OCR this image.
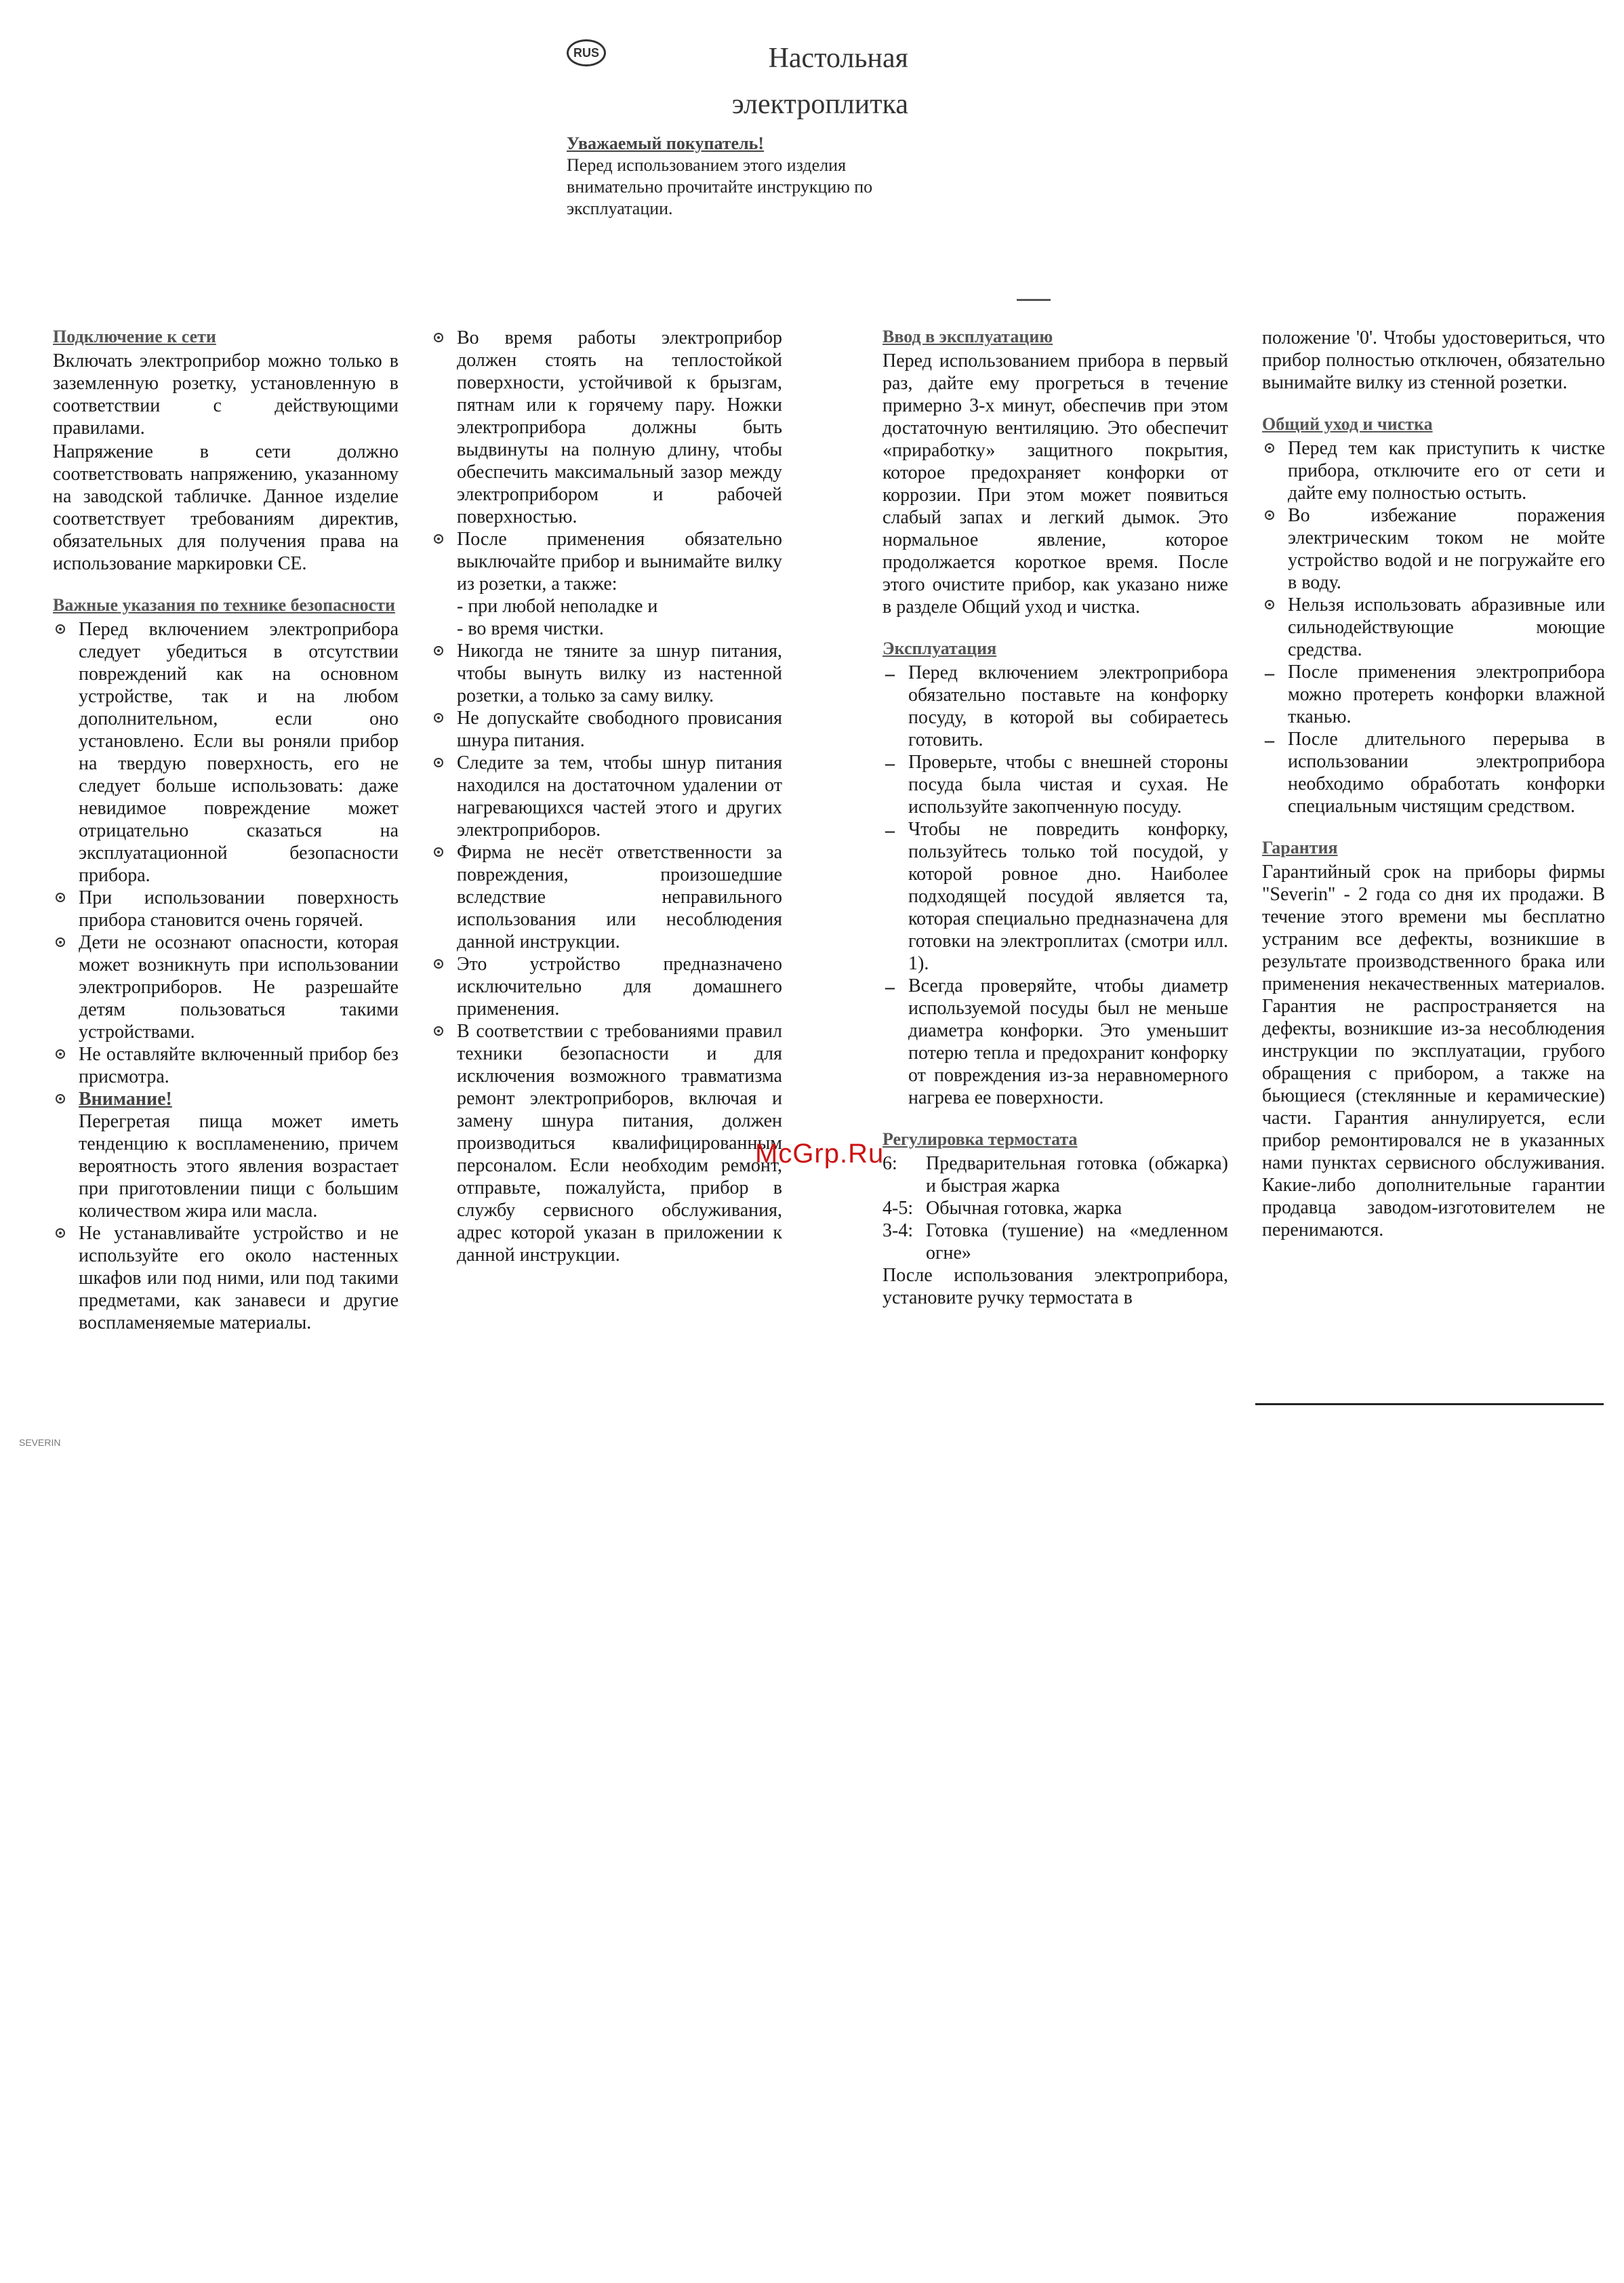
RUS	Настольная электроплитка
Уважаемый покупатель!
Перед использованием этого изделия внимательно прочитайте инструкцию по эксплуатации.
Подключение к сети

Включать электроприбор можно только в заземленную розетку, установленную в соответствии с действующими правилами.

Напряжение в сети должно соответствовать напряжению, указанному на заводской табличке. Данное изделие соответствует требованиям директив, обязательных для получения права на использование маркировки CE.

Важные указания по технике безопасности
Перед включением электроприбора следует убедиться в отсутствии повреждений как на основном устройстве, так и на любом дополнительном, если оно установлено. Если вы роняли прибор на твердую поверхность, его не следует больше использовать: даже невидимое повреждение может отрицательно сказаться на эксплуатационной безопасности прибора.
При использовании поверхность прибора становится очень горячей.
Дети не осознают опасности, которая может возникнуть при использовании электроприборов. Не разрешайте детям пользоваться такими устройствами.
Не оставляйте включенный прибор без присмотра.
Внимание!
Перегретая пища может иметь тенденцию к воспламенению, причем вероятность этого явления возрастает при приготовлении пищи с большим количеством жира или масла.
Не устанавливайте устройство и не используйте его около настенных шкафов или под ними, или под такими предметами, как занавеси и другие воспламеняемые материалы.
Во время работы электроприбор должен стоять на теплостойкой поверхности, устойчивой к брызгам, пятнам или к горячему пару. Ножки электроприбора должны быть выдвинуты на полную длину, чтобы обеспечить максимальный зазор между электроприбором и рабочей поверхностью.
После применения обязательно выключайте прибор и вынимайте вилку из розетки, а также:
- при любой неполадке и
- во время чистки.
Никогда не тяните за шнур питания, чтобы вынуть вилку из настенной розетки, а только за саму вилку.
Не допускайте свободного провисания шнура питания.
Следите за тем, чтобы шнур питания находился на достаточном удалении от нагревающихся частей этого и других электроприборов.
Фирма не несёт ответственности за повреждения, произошедшие вследствие неправильного использования или несоблюдения данной инструкции.
Это устройство предназначено исключительно для домашнего применения.
В соответствии с требованиями правил техники безопасности и для исключения возможного травматизма ремонт электроприборов, включая и замену шнура питания, должен производиться квалифицированным персоналом. Если необходим ремонт, отправьте, пожалуйста, прибор в службу сервисного обслуживания, адрес которой указан в приложении к данной инструкции.
Ввод в эксплуатацию

Перед использованием прибора в первый раз, дайте ему прогреться в течение примерно 3-х минут, обеспечив при этом достаточную вентиляцию. Это обеспечит «приработку» защитного покрытия, которое предохраняет конфорки от коррозии. При этом может появиться слабый запах и легкий дымок. Это нормальное явление, которое продолжается короткое время. После этого очистите прибор, как указано ниже в разделе Общий уход и чистка.

Эксплуатация
– Перед включением электроприбора обязательно поставьте на конфорку посуду, в которой вы собираетесь готовить.
– Проверьте, чтобы с внешней стороны посуда была чистая и сухая. Не используйте закопченную посуду.
– Чтобы не повредить конфорку, пользуйтесь только той посудой, у которой ровное дно. Наиболее подходящей посудой является та, которая специально предназначена для готовки на электроплитах (смотри илл. 1).
– Всегда проверяйте, чтобы диаметр используемой посуды был не меньше диаметра конфорки. Это уменьшит потерю тепла и предохранит конфорку от повреждения из-за неравномерного нагрева ее поверхности.
Регулировка термостата
6:	Предварительная готовка (обжарка) и быстрая жарка
4-5: Обычная готовка, жарка
3-4: Готовка (тушение) на «медленном огне»

После использования электроприбора, установите ручку термостата в

положение '0'. Чтобы удостовериться, что прибор полностью отключен, обязательно вынимайте вилку из стенной розетки.

Общий уход и чистка
Перед тем как приступить к чистке прибора, отключите его от сети и дайте ему полностью остыть.
Во избежание поражения электрическим током не мойте устройство водой и не погружайте его в воду.
Нельзя использовать абразивные или сильнодействующие моющие средства.
– После применения электроприбора можно протереть конфорки влажной тканью.
– После длительного перерыва в использовании электроприбора необходимо обработать конфорки специальным чистящим средством.
Гарантия

Гарантийный срок на приборы фирмы "Severin" - 2 года со дня их продажи. В течение этого времени мы бесплатно устраним все дефекты, возникшие в результате производственного брака или применения некачественных материалов. Гарантия не распространяется на дефекты, возникшие из-за несоблюдения инструкции по эксплуатации, грубого обращения с прибором, а также на бьющиеся (стеклянные и керамические) части. Гарантия аннулируется, если прибор ремонтировался не в указанных нами пунктах сервисного обслуживания. Какие-либо дополнительные гарантии продавца заводом-изготовителем не перенимаются.

McGrp.Ru
SEVERIN
